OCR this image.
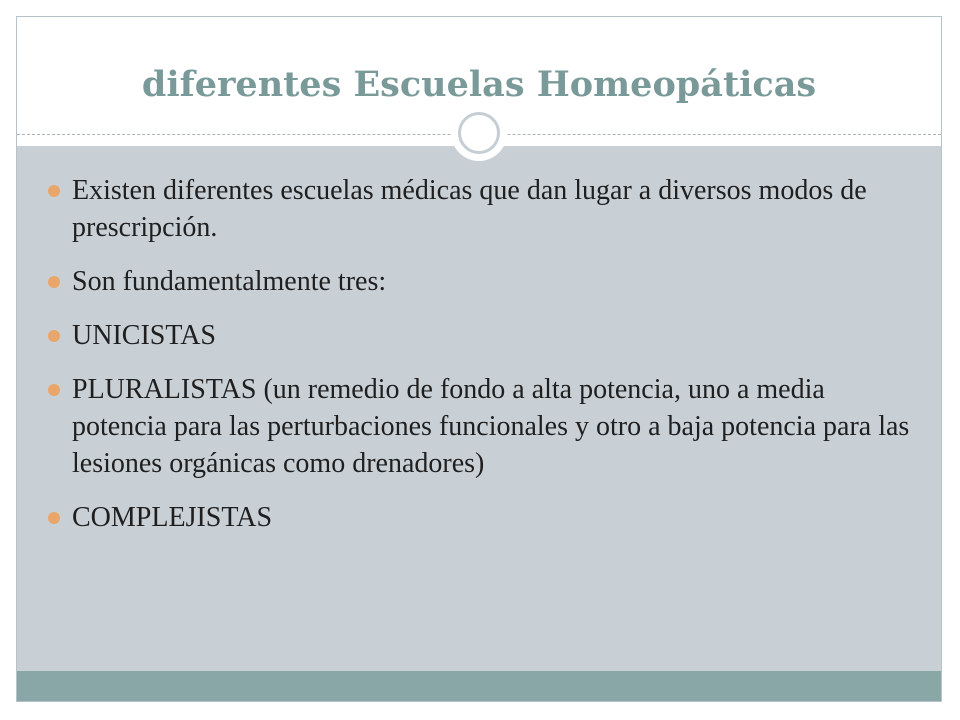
diferentes Escuelas Homeopáticas
Existen diferentes escuelas médicas que dan lugar a diversos modos de prescripción.
Son fundamentalmente tres:
UNICISTAS
PLURALISTAS (un remedio de fondo a alta potencia, uno a media potencia para las perturbaciones funcionales y otro a baja potencia para las lesiones orgánicas como drenadores)
COMPLEJISTAS
